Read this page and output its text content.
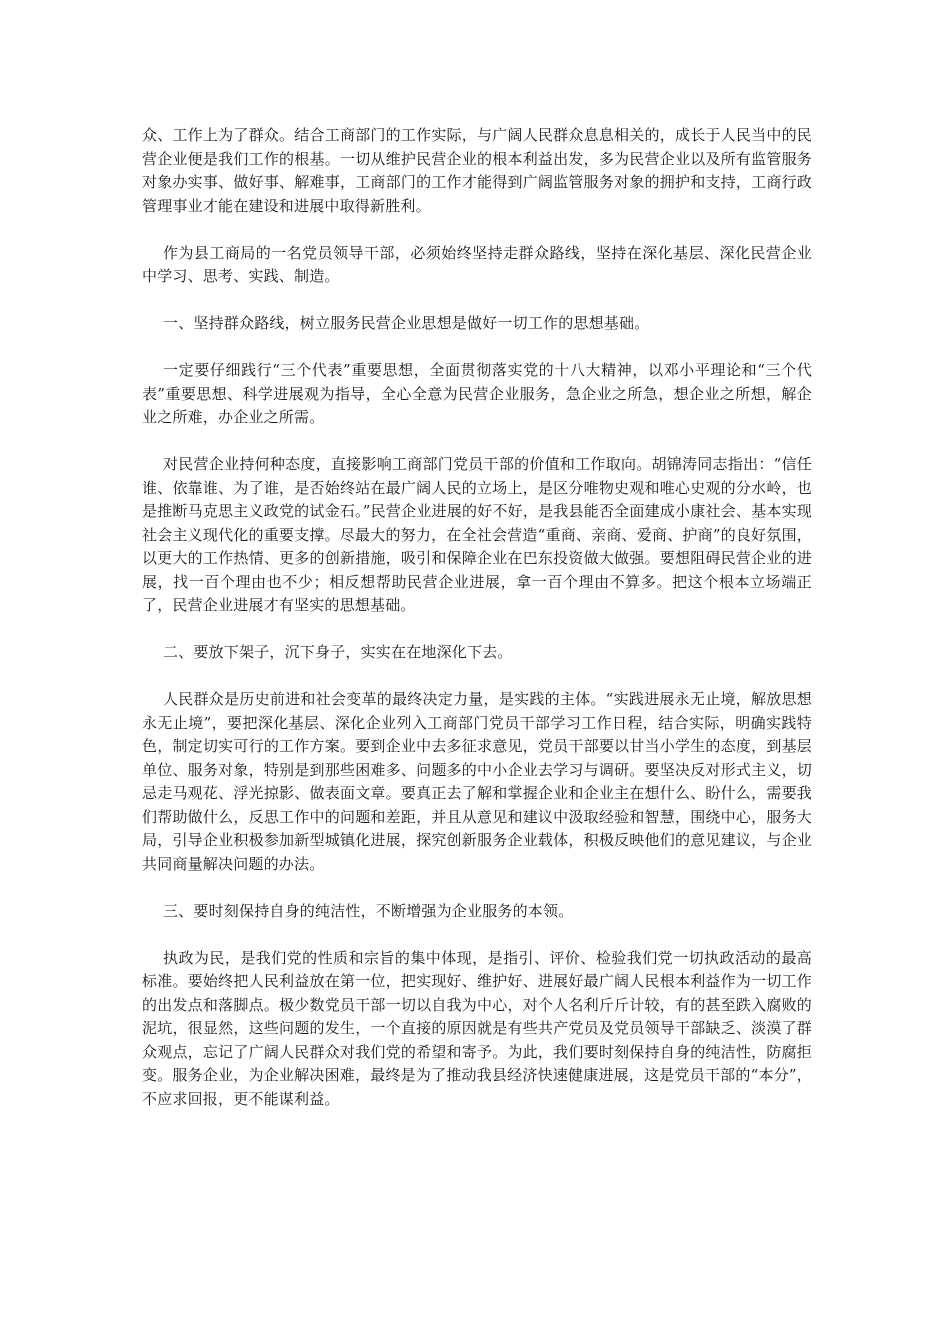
众、工作上为了群众。结合工商部门的工作实际，与广阔人民群众息息相关的，成长于人民当中的民营企业便是我们工作的根基。一切从维护民营企业的根本利益出发，多为民营企业以及所有监管服务对象办实事、做好事、解难事，工商部门的工作才能得到广阔监管服务对象的拥护和支持，工商行政管理事业才能在建设和进展中取得新胜利。

作为县工商局的一名党员领导干部，必须始终坚持走群众路线，坚持在深化基层、深化民营企业中学习、思考、实践、制造。

一、坚持群众路线，树立服务民营企业思想是做好一切工作的思想基础。

一定要仔细践行“三个代表”重要思想，全面贯彻落实党的十八大精神，以邓小平理论和“三个代表”重要思想、科学进展观为指导，全心全意为民营企业服务，急企业之所急，想企业之所想，解企业之所难，办企业之所需。

对民营企业持何种态度，直接影响工商部门党员干部的价值和工作取向。胡锦涛同志指出：“信任谁、依靠谁、为了谁，是否始终站在最广阔人民的立场上，是区分唯物史观和唯心史观的分水岭，也是推断马克思主义政党的试金石。”民营企业进展的好不好，是我县能否全面建成小康社会、基本实现社会主义现代化的重要支撑。尽最大的努力，在全社会营造“重商、亲商、爱商、护商”的良好氛围，以更大的工作热情、更多的创新措施，吸引和保障企业在巴东投资做大做强。要想阻碍民营企业的进展，找一百个理由也不少；相反想帮助民营企业进展，拿一百个理由不算多。把这个根本立场端正了，民营企业进展才有坚实的思想基础。

二、要放下架子，沉下身子，实实在在地深化下去。

人民群众是历史前进和社会变革的最终决定力量，是实践的主体。“实践进展永无止境，解放思想永无止境”，要把深化基层、深化企业列入工商部门党员干部学习工作日程，结合实际，明确实践特色，制定切实可行的工作方案。要到企业中去多征求意见，党员干部要以甘当小学生的态度，到基层单位、服务对象，特别是到那些困难多、问题多的中小企业去学习与调研。要坚决反对形式主义，切忌走马观花、浮光掠影、做表面文章。要真正去了解和掌握企业和企业主在想什么、盼什么，需要我们帮助做什么，反思工作中的问题和差距，并且从意见和建议中汲取经验和智慧，围绕中心，服务大局，引导企业积极参加新型城镇化进展，探究创新服务企业载体，积极反映他们的意见建议，与企业共同商量解决问题的办法。

三、要时刻保持自身的纯洁性，不断增强为企业服务的本领。

执政为民，是我们党的性质和宗旨的集中体现，是指引、评价、检验我们党一切执政活动的最高标准。要始终把人民利益放在第一位，把实现好、维护好、进展好最广阔人民根本利益作为一切工作的出发点和落脚点。极少数党员干部一切以自我为中心，对个人名利斤斤计较，有的甚至跌入腐败的泥坑，很显然，这些问题的发生，一个直接的原因就是有些共产党员及党员领导干部缺乏、淡漠了群众观点，忘记了广阔人民群众对我们党的希望和寄予。为此，我们要时刻保持自身的纯洁性，防腐拒变。服务企业，为企业解决困难，最终是为了推动我县经济快速健康进展，这是党员干部的“本分”，不应求回报，更不能谋利益。
